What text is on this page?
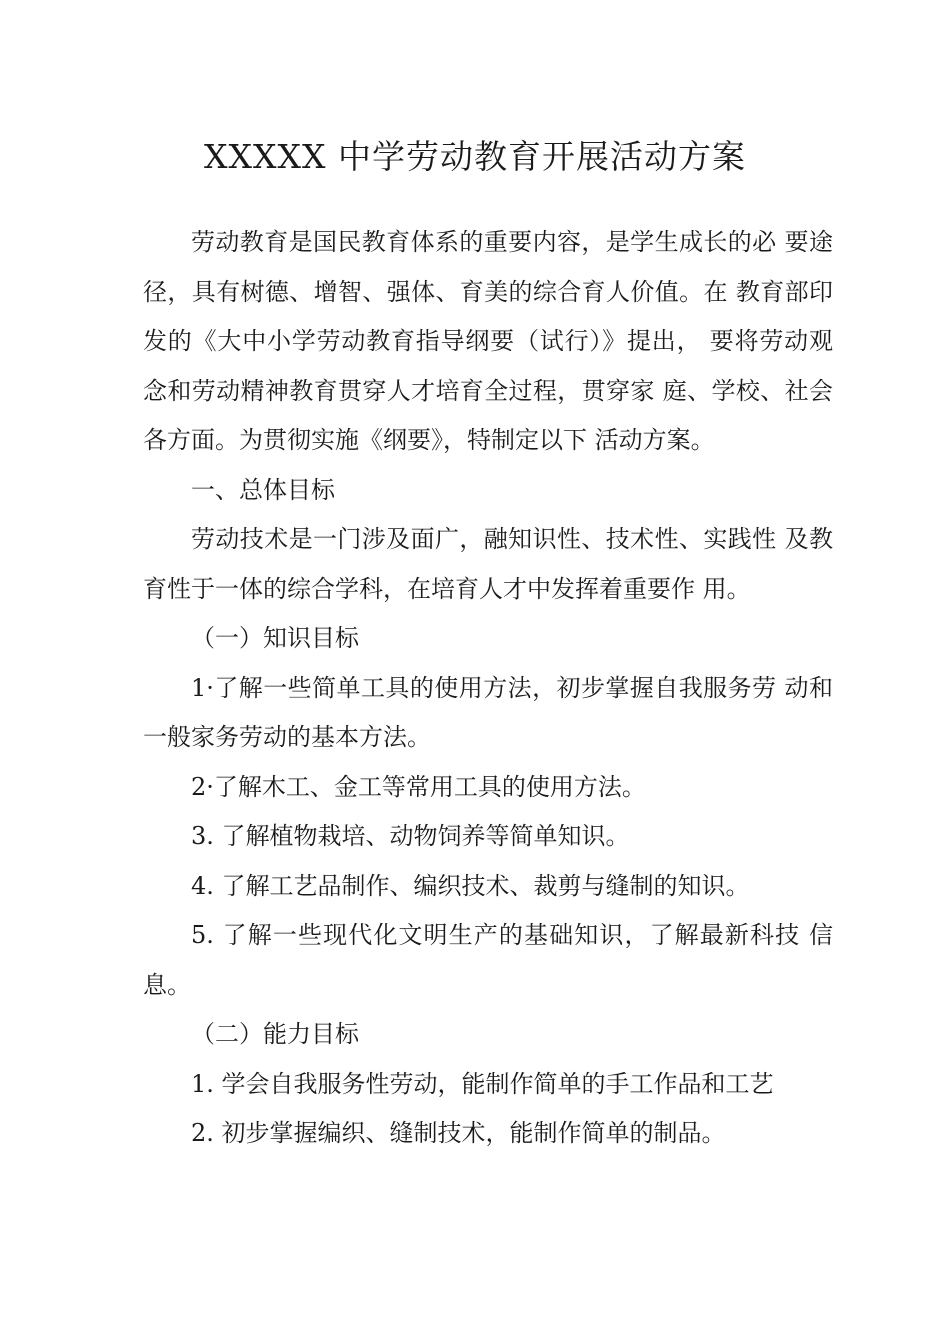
XXXXX 中学劳动教育开展活动方案

劳动教育是国民教育体系的重要内容，是学生成长的必 要途径，具有树德、增智、强体、育美的综合育人价值。在 教育部印发的《大中小学劳动教育指导纲要（试行）》提出， 要将劳动观念和劳动精神教育贯穿人才培育全过程，贯穿家 庭、学校、社会各方面。为贯彻实施《纲要》，特制定以下 活动方案。

一、总体目标

劳动技术是一门涉及面广，融知识性、技术性、实践性 及教育性于一体的综合学科，在培育人才中发挥着重要作 用。

（一）知识目标

1·了解一些简单工具的使用方法，初步掌握自我服务劳 动和一般家务劳动的基本方法。

2·了解木工、金工等常用工具的使用方法。

3. 了解植物栽培、动物饲养等简单知识。

4. 了解工艺品制作、编织技术、裁剪与缝制的知识。

5. 了解一些现代化文明生产的基础知识，了解最新科技 信息。

（二）能力目标

1. 学会自我服务性劳动，能制作简单的手工作品和工艺

2. 初步掌握编织、缝制技术，能制作简单的制品。
